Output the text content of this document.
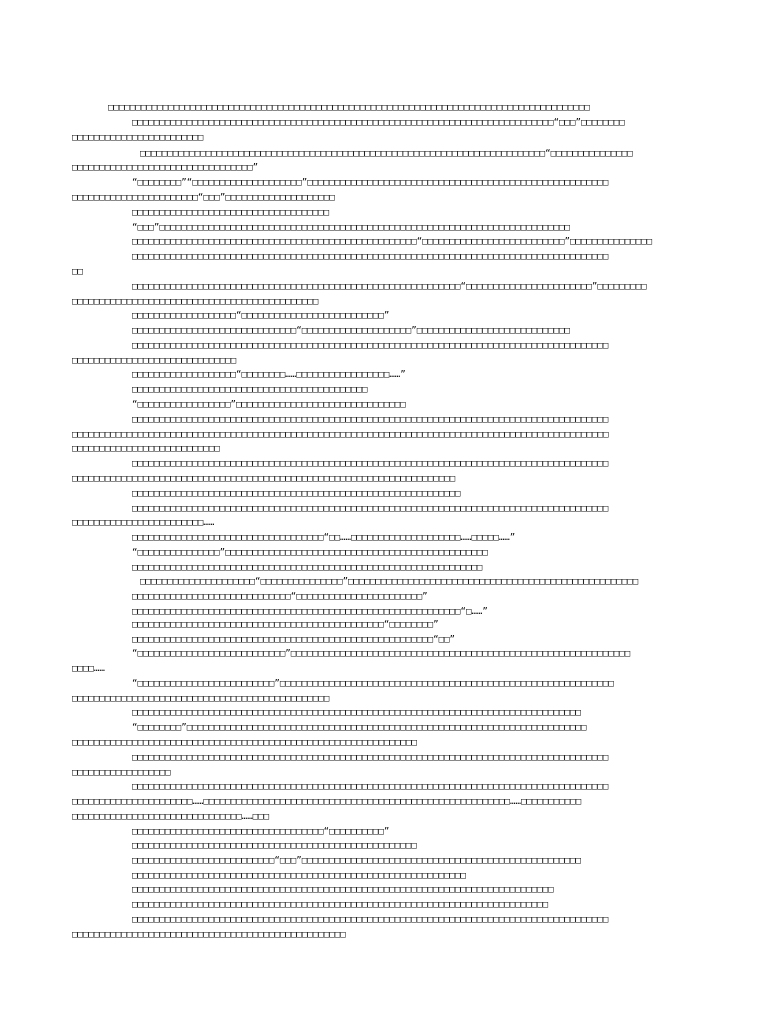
□□□□□□□□□□□□□□□□□□□□□□□□□□□□□□□□□□□□□□□□□□□□□□□□□□□□□□□□□□□□□□□□□□□□□□□□□□□□□□□□□□□□□□□□

□□□□□□□□□□□□□□□□□□□□□□□□□□□□□□□□□□□□□□□□□□□□□□□□□□□□□□□□□□□□□□□□□□□□□□□□□□□□□“□□□”□□□□□□□□

□□□□□□□□□□□□□□□□□□□□□□□□

□□□□□□□□□□□□□□□□□□□□□□□□□□□□□□□□□□□□□□□□□□□□□□□□□□□□□□□□□□□□□□□□□□□□□□□□□□“□□□□□□□□□□□□□□□

□□□□□□□□□□□□□□□□□□□□□□□□□□□□□□□□□”

“□□□□□□□□”“□□□□□□□□□□□□□□□□□□□□”□□□□□□□□□□□□□□□□□□□□□□□□□□□□□□□□□□□□□□□□□□□□□□□□□□□□□□□

□□□□□□□□□□□□□□□□□□□□□□□“□□□”□□□□□□□□□□□□□□□□□□□□

□□□□□□□□□□□□□□□□□□□□□□□□□□□□□□□□□□□□

“□□□”□□□□□□□□□□□□□□□□□□□□□□□□□□□□□□□□□□□□□□□□□□□□□□□□□□□□□□□□□□□□□□□□□□□□□□□□□□□

□□□□□□□□□□□□□□□□□□□□□□□□□□□□□□□□□□□□□□□□□□□□□□□□□□□□“□□□□□□□□□□□□□□□□□□□□□□□□□□”□□□□□□□□□□□□□□□

□□□□□□□□□□□□□□□□□□□□□□□□□□□□□□□□□□□□□□□□□□□□□□□□□□□□□□□□□□□□□□□□□□□□□□□□□□□□□□□□□□□□□□□

□□

□□□□□□□□□□□□□□□□□□□□□□□□□□□□□□□□□□□□□□□□□□□□□□□□□□□□□□□□□□□□“□□□□□□□□□□□□□□□□□□□□□□□”□□□□□□□□□

□□□□□□□□□□□□□□□□□□□□□□□□□□□□□□□□□□□□□□□□□□□□□

□□□□□□□□□□□□□□□□□□□“□□□□□□□□□□□□□□□□□□□□□□□□□□”

□□□□□□□□□□□□□□□□□□□□□□□□□□□□□□“□□□□□□□□□□□□□□□□□□□□”□□□□□□□□□□□□□□□□□□□□□□□□□□□□

□□□□□□□□□□□□□□□□□□□□□□□□□□□□□□□□□□□□□□□□□□□□□□□□□□□□□□□□□□□□□□□□□□□□□□□□□□□□□□□□□□□□□□□

□□□□□□□□□□□□□□□□□□□□□□□□□□□□□□

□□□□□□□□□□□□□□□□□□□“□□□□□□□□……□□□□□□□□□□□□□□□□□……”

□□□□□□□□□□□□□□□□□□□□□□□□□□□□□□□□□□□□□□□□□□□

“□□□□□□□□□□□□□□□□□”□□□□□□□□□□□□□□□□□□□□□□□□□□□□□□□

□□□□□□□□□□□□□□□□□□□□□□□□□□□□□□□□□□□□□□□□□□□□□□□□□□□□□□□□□□□□□□□□□□□□□□□□□□□□□□□□□□□□□□□

□□□□□□□□□□□□□□□□□□□□□□□□□□□□□□□□□□□□□□□□□□□□□□□□□□□□□□□□□□□□□□□□□□□□□□□□□□□□□□□□□□□□□□□□□□□□□□□□□□

□□□□□□□□□□□□□□□□□□□□□□□□□□□

□□□□□□□□□□□□□□□□□□□□□□□□□□□□□□□□□□□□□□□□□□□□□□□□□□□□□□□□□□□□□□□□□□□□□□□□□□□□□□□□□□□□□□□

□□□□□□□□□□□□□□□□□□□□□□□□□□□□□□□□□□□□□□□□□□□□□□□□□□□□□□□□□□□□□□□□□□□□□□

□□□□□□□□□□□□□□□□□□□□□□□□□□□□□□□□□□□□□□□□□□□□□□□□□□□□□□□□□□□□

□□□□□□□□□□□□□□□□□□□□□□□□□□□□□□□□□□□□□□□□□□□□□□□□□□□□□□□□□□□□□□□□□□□□□□□□□□□□□□□□□□□□□□□

□□□□□□□□□□□□□□□□□□□□□□□□……

□□□□□□□□□□□□□□□□□□□□□□□□□□□□□□□□□□□“□□……□□□□□□□□□□□□□□□□□□□□……□□□□□……”

“□□□□□□□□□□□□□□□”□□□□□□□□□□□□□□□□□□□□□□□□□□□□□□□□□□□□□□□□□□□□□□□□

□□□□□□□□□□□□□□□□□□□□□□□□□□□□□□□□□□□□□□□□□□□□□□□□□□□□□□□□□□□□□□□□

□□□□□□□□□□□□□□□□□□□□□“□□□□□□□□□□□□□□□”□□□□□□□□□□□□□□□□□□□□□□□□□□□□□□□□□□□□□□□□□□□□□□□□□□□□□

□□□□□□□□□□□□□□□□□□□□□□□□□□□□□“□□□□□□□□□□□□□□□□□□□□□□□”

□□□□□□□□□□□□□□□□□□□□□□□□□□□□□□□□□□□□□□□□□□□□□□□□□□□□□□□□□□□□“□……”

□□□□□□□□□□□□□□□□□□□□□□□□□□□□□□□□□□□□□□□□□□□□□□“□□□□□□□□”

□□□□□□□□□□□□□□□□□□□□□□□□□□□□□□□□□□□□□□□□□□□□□□□□□□□□□□□“□□”

“□□□□□□□□□□□□□□□□□□□□□□□□□□□”□□□□□□□□□□□□□□□□□□□□□□□□□□□□□□□□□□□□□□□□□□□□□□□□□□□□□□□□□□□□□□

□□□□……

“□□□□□□□□□□□□□□□□□□□□□□□□□”□□□□□□□□□□□□□□□□□□□□□□□□□□□□□□□□□□□□□□□□□□□□□□□□□□□□□□□□□□□□□

□□□□□□□□□□□□□□□□□□□□□□□□□□□□□□□□□□□□□□□□□□□□□□□

□□□□□□□□□□□□□□□□□□□□□□□□□□□□□□□□□□□□□□□□□□□□□□□□□□□□□□□□□□□□□□□□□□□□□□□□□□□□□□□□□□

“□□□□□□□□”□□□□□□□□□□□□□□□□□□□□□□□□□□□□□□□□□□□□□□□□□□□□□□□□□□□□□□□□□□□□□□□□□□□□□□□□□

□□□□□□□□□□□□□□□□□□□□□□□□□□□□□□□□□□□□□□□□□□□□□□□□□□□□□□□□□□□□□□□

□□□□□□□□□□□□□□□□□□□□□□□□□□□□□□□□□□□□□□□□□□□□□□□□□□□□□□□□□□□□□□□□□□□□□□□□□□□□□□□□□□□□□□□

□□□□□□□□□□□□□□□□□□

□□□□□□□□□□□□□□□□□□□□□□□□□□□□□□□□□□□□□□□□□□□□□□□□□□□□□□□□□□□□□□□□□□□□□□□□□□□□□□□□□□□□□□□

□□□□□□□□□□□□□□□□□□□□□□……□□□□□□□□□□□□□□□□□□□□□□□□□□□□□□□□□□□□□□□□□□□□□□□□□□□□□□□□……□□□□□□□□□□□

□□□□□□□□□□□□□□□□□□□□□□□□□□□□□□□……□□□

□□□□□□□□□□□□□□□□□□□□□□□□□□□□□□□□□□□“□□□□□□□□□□”

□□□□□□□□□□□□□□□□□□□□□□□□□□□□□□□□□□□□□□□□□□□□□□□□□□□□

□□□□□□□□□□□□□□□□□□□□□□□□□□“□□□”□□□□□□□□□□□□□□□□□□□□□□□□□□□□□□□□□□□□□□□□□□□□□□□□□□□

□□□□□□□□□□□□□□□□□□□□□□□□□□□□□□□□□□□□□□□□□□□□□□□□□□□□□□□□□□□□□

□□□□□□□□□□□□□□□□□□□□□□□□□□□□□□□□□□□□□□□□□□□□□□□□□□□□□□□□□□□□□□□□□□□□□□□□□□□□□

□□□□□□□□□□□□□□□□□□□□□□□□□□□□□□□□□□□□□□□□□□□□□□□□□□□□□□□□□□□□□□□□□□□□□□□□□□□□

□□□□□□□□□□□□□□□□□□□□□□□□□□□□□□□□□□□□□□□□□□□□□□□□□□□□□□□□□□□□□□□□□□□□□□□□□□□□□□□□□□□□□□□

□□□□□□□□□□□□□□□□□□□□□□□□□□□□□□□□□□□□□□□□□□□□□□□□□□
